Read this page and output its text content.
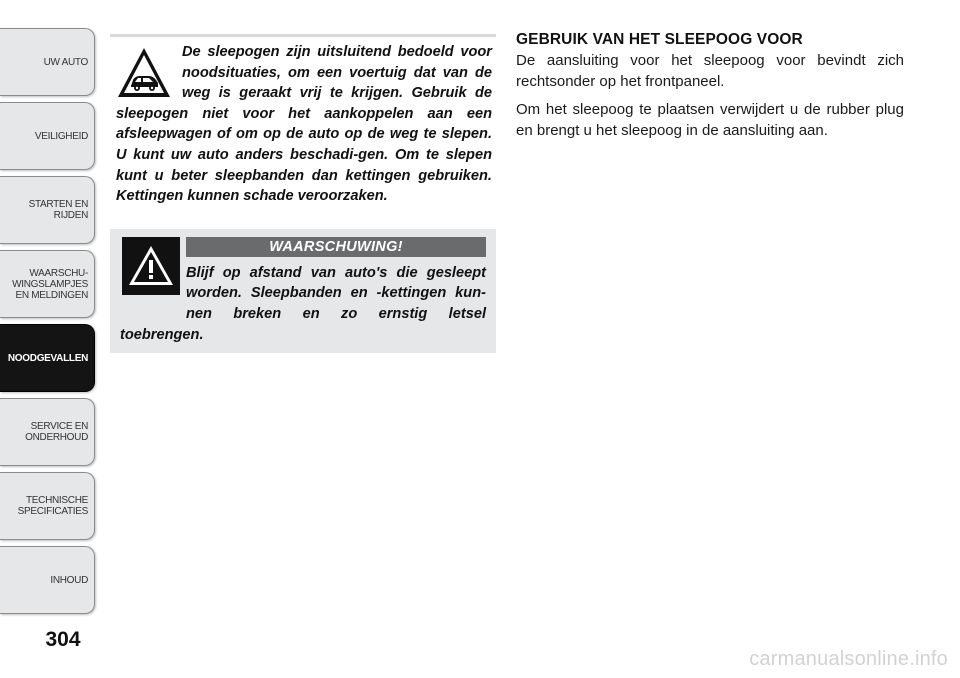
UW AUTO
VEILIGHEID
STARTEN EN
RIJDEN
WAARSCHU-
WINGSLAMPJES
EN MELDINGEN
NOODGEVALLEN
SERVICE EN
ONDERHOUD
TECHNISCHE
SPECIFICATIES
INHOUD
304

De sleepogen zijn uitsluitend bedoeld voor noodsituaties, om een voertuig dat van de weg is geraakt vrij te krijgen. Gebruik de sleepogen niet voor het aankoppelen aan een afsleepwagen of om op de auto op de weg te slepen. U kunt uw auto anders beschadi-gen. Om te slepen kunt u beter sleepbanden dan kettingen gebruiken. Kettingen kunnen schade veroorzaken.

WAARSCHUWING!

Blijf op afstand van auto's die gesleept worden. Sleepbanden en -kettingen kun-nen breken en zo ernstig letsel toebrengen.

GEBRUIK VAN HET SLEEPOOG VOOR

De aansluiting voor het sleepoog voor bevindt zich rechtsonder op het frontpaneel.

Om het sleepoog te plaatsen verwijdert u de rubber plug en brengt u het sleepoog in de aansluiting aan.

carmanualsonline.info
